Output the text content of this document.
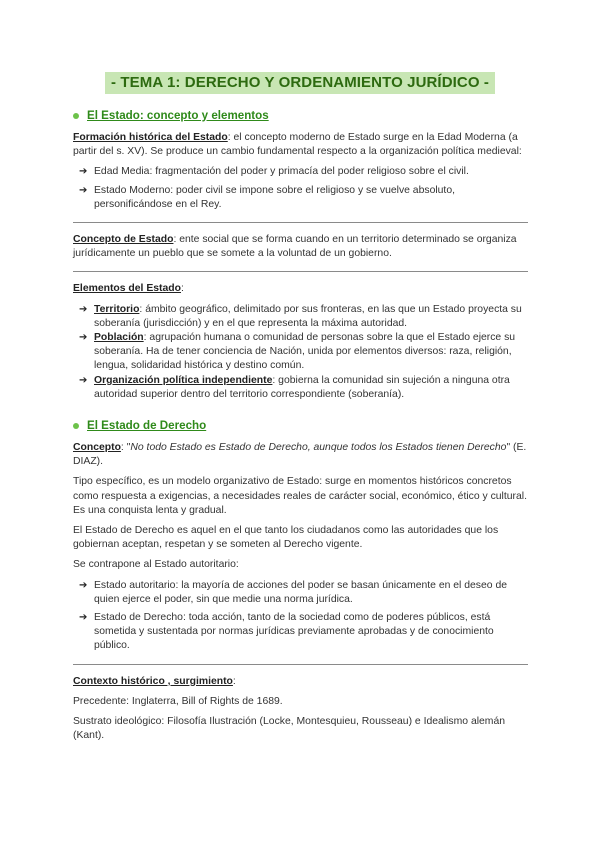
- TEMA 1: DERECHO Y ORDENAMIENTO JURÍDICO -
El Estado: concepto y elementos

Formación histórica del Estado: el concepto moderno de Estado surge en la Edad Moderna (a partir del s. XV). Se produce un cambio fundamental respecto a la organización política medieval:

➔ Edad Media: fragmentación del poder y primacía del poder religioso sobre el civil.
➔ Estado Moderno: poder civil se impone sobre el religioso y se vuelve absoluto, personificándose en el Rey.

Concepto de Estado: ente social que se forma cuando en un territorio determinado se organiza jurídicamente un pueblo que se somete a la voluntad de un gobierno.

Elementos del Estado:

➔ Territorio: ámbito geográfico, delimitado por sus fronteras, en las que un Estado proyecta su soberanía (jurisdicción) y en el que representa la máxima autoridad.
➔ Población: agrupación humana o comunidad de personas sobre la que el Estado ejerce su soberanía. Ha de tener conciencia de Nación, unida por elementos diversos: raza, religión, lengua, solidaridad histórica y destino común.
➔ Organización política independiente: gobierna la comunidad sin sujeción a ninguna otra autoridad superior dentro del territorio correspondiente (soberanía).
El Estado de Derecho

Concepto: "No todo Estado es Estado de Derecho, aunque todos los Estados tienen Derecho" (E. DIAZ).

Tipo específico, es un modelo organizativo de Estado: surge en momentos históricos concretos como respuesta a exigencias, a necesidades reales de carácter social, económico, ético y cultural. Es una conquista lenta y gradual.

El Estado de Derecho es aquel en el que tanto los ciudadanos como las autoridades que los gobiernan aceptan, respetan y se someten al Derecho vigente.

Se contrapone al Estado autoritario:

➔ Estado autoritario: la mayoría de acciones del poder se basan únicamente en el deseo de quien ejerce el poder, sin que medie una norma jurídica.
➔ Estado de Derecho: toda acción, tanto de la sociedad como de poderes públicos, está sometida y sustentada por normas jurídicas previamente aprobadas y de conocimiento público.

Contexto histórico , surgimiento:

Precedente: Inglaterra, Bill of Rights de 1689.

Sustrato ideológico: Filosofía Ilustración (Locke, Montesquieu, Rousseau) e Idealismo alemán (Kant).
